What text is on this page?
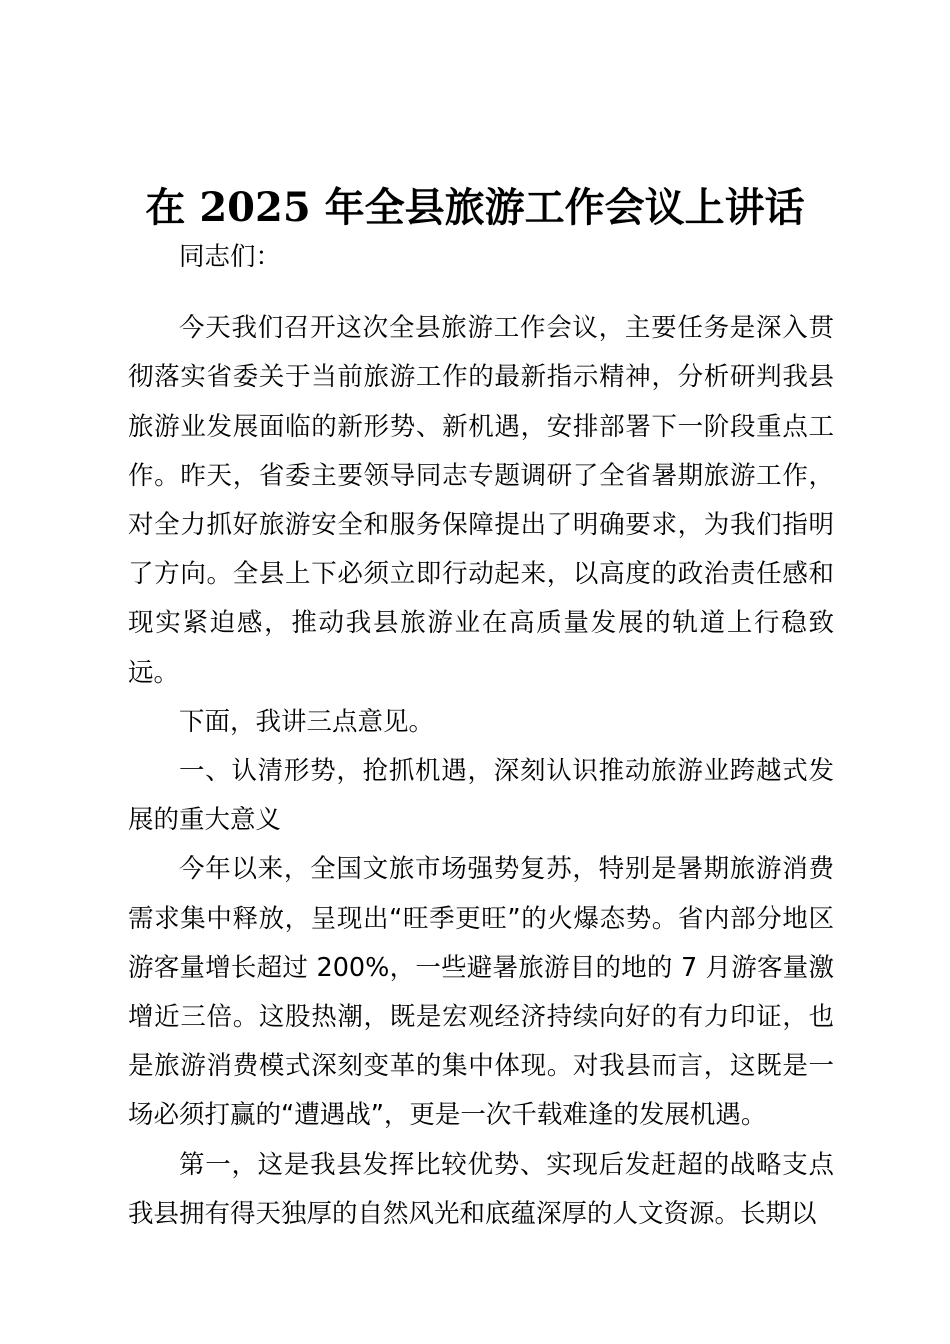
在 2025 年全县旅游工作会议上讲话

同志们：

今天我们召开这次全县旅游工作会议，主要任务是深入贯彻落实省委关于当前旅游工作的最新指示精神，分析研判我县旅游业发展面临的新形势、新机遇，安排部署下一阶段重点工作。昨天，省委主要领导同志专题调研了全省暑期旅游工作，对全力抓好旅游安全和服务保障提出了明确要求，为我们指明了方向。全县上下必须立即行动起来，以高度的政治责任感和现实紧迫感，推动我县旅游业在高质量发展的轨道上行稳致远。

下面，我讲三点意见。

一、认清形势，抢抓机遇，深刻认识推动旅游业跨越式发展的重大意义

今年以来，全国文旅市场强势复苏，特别是暑期旅游消费需求集中释放，呈现出“旺季更旺”的火爆态势。省内部分地区游客量增长超过 200%，一些避暑旅游目的地的 7 月游客量激增近三倍。这股热潮，既是宏观经济持续向好的有力印证，也是旅游消费模式深刻变革的集中体现。对我县而言，这既是一场必须打赢的“遭遇战”，更是一次千载难逢的发展机遇。

第一，这是我县发挥比较优势、实现后发赶超的战略支点我县拥有得天独厚的自然风光和底蕴深厚的人文资源。长期以
